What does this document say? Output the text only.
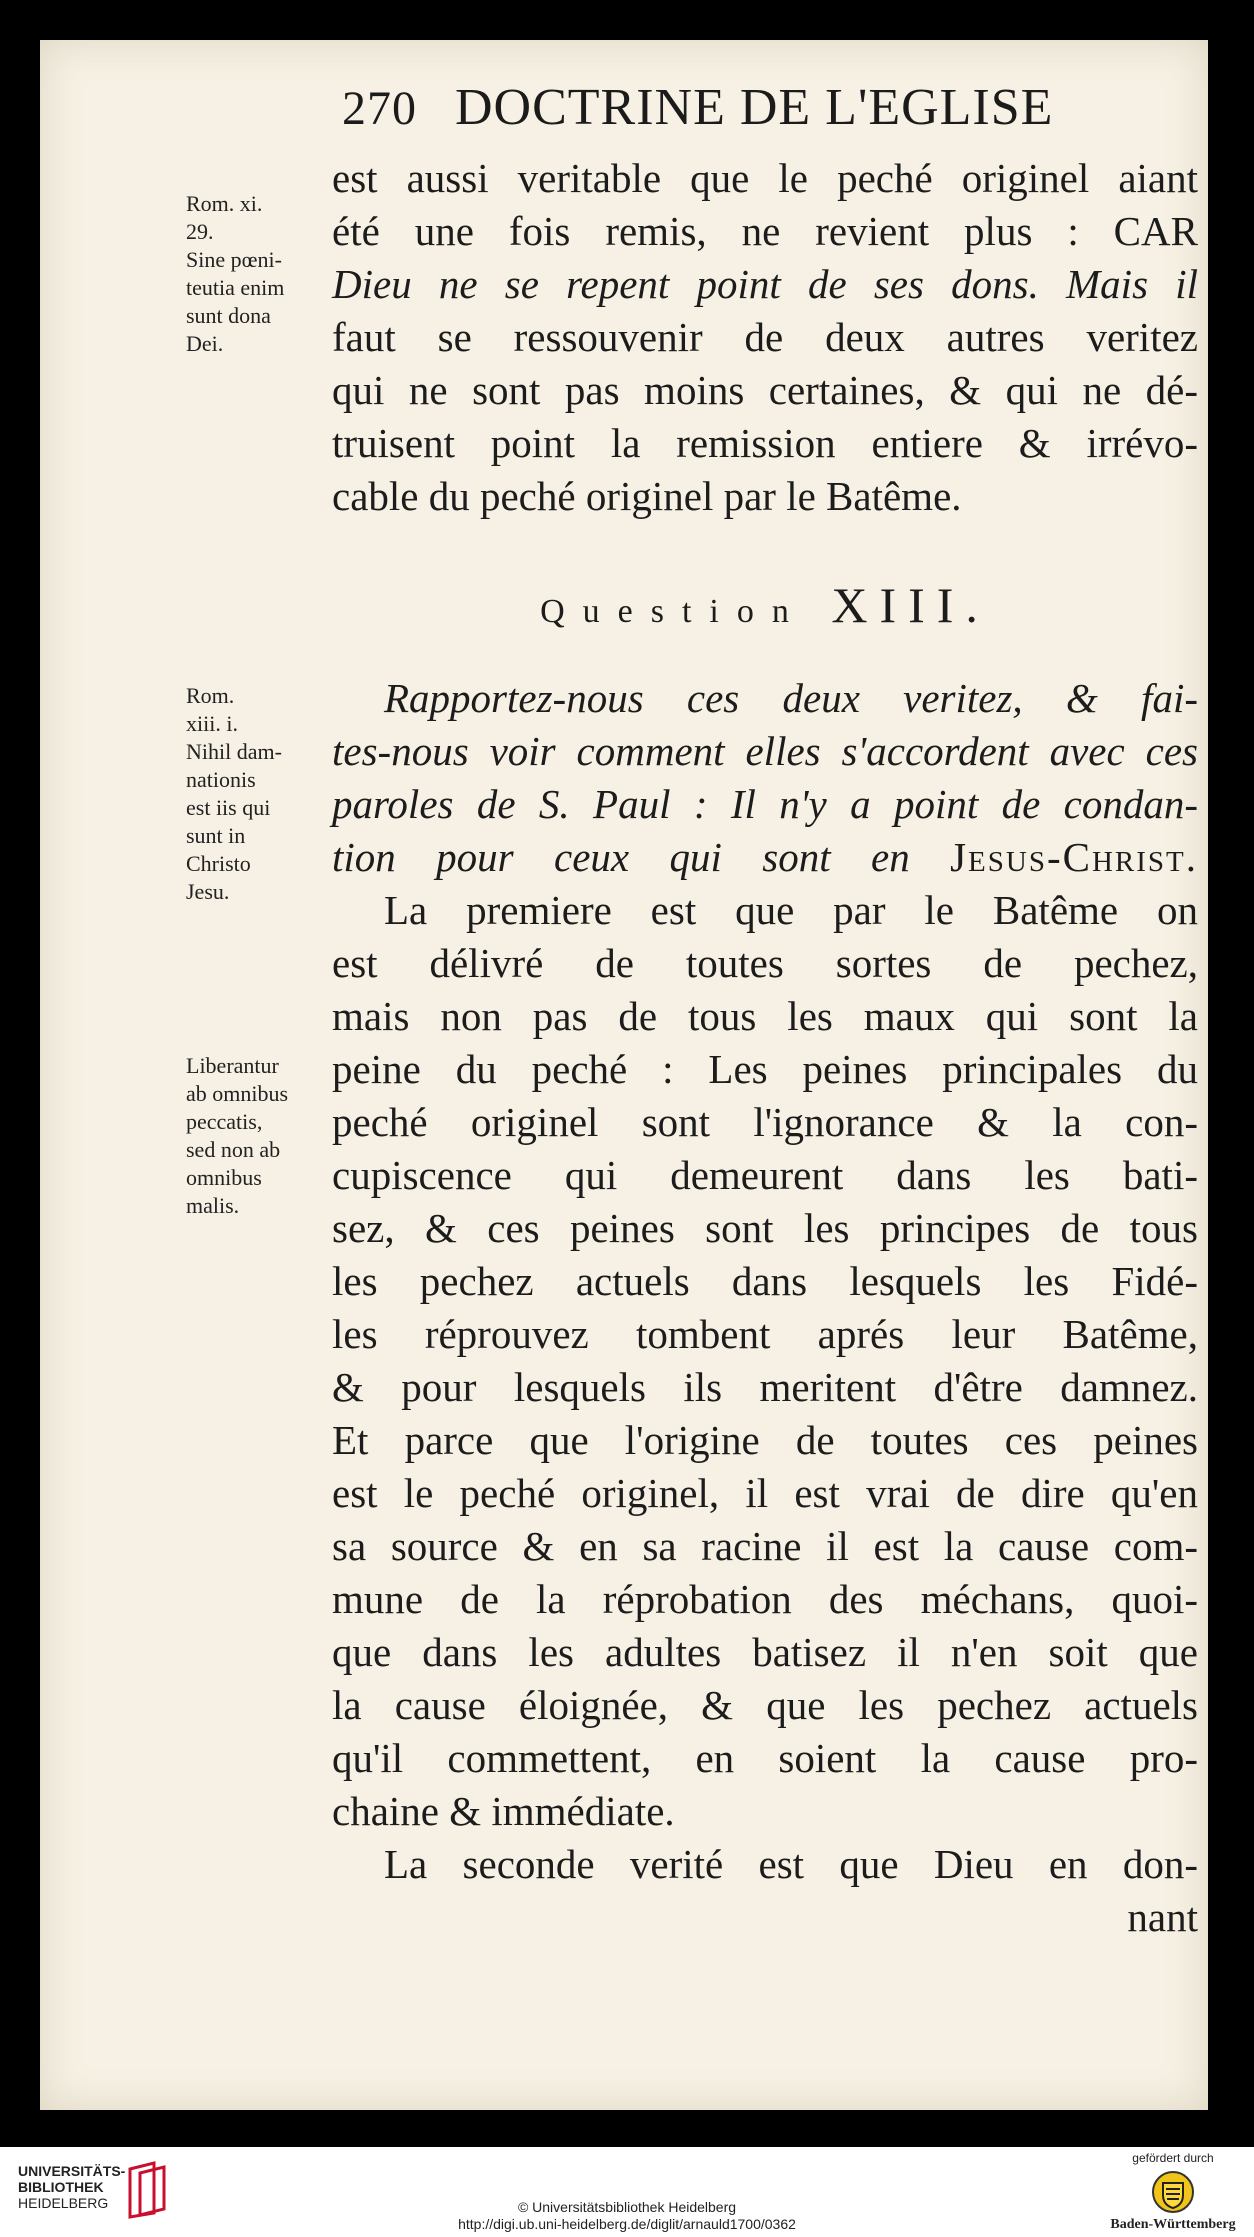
270 DOCTRINE DE L'EGLISE
est aussi veritable que le peché originel aiant
été une fois remis, ne revient plus : CAR
Dieu ne se repent point de ses dons. Mais il
faut se ressouvenir de deux autres veritez
qui ne sont pas moins certaines, & qui ne dé-
truisent point la remission entiere & irrévo-
cable du peché originel par le Batême.
Question XIII.
Rapportez-nous ces deux veritez, & fai-
tes-nous voir comment elles s'accordent avec ces
paroles de S. Paul : Il n'y a point de condan-
tion pour ceux qui sont en Jesus-Christ.
La premiere est que par le Batême on
est délivré de toutes sortes de pechez,
mais non pas de tous les maux qui sont la
peine du peché : Les peines principales du
peché originel sont l'ignorance & la con-
cupiscence qui demeurent dans les bati-
sez, & ces peines sont les principes de tous
les pechez actuels dans lesquels les Fidé-
les réprouvez tombent aprés leur Batême,
& pour lesquels ils meritent d'être damnez.
Et parce que l'origine de toutes ces peines
est le peché originel, il est vrai de dire qu'en
sa source & en sa racine il est la cause com-
mune de la réprobation des méchans, quoi-
que dans les adultes batisez il n'en soit que
la cause éloignée, & que les pechez actuels
qu'il commettent, en soient la cause pro-
chaine & immédiate.
La seconde verité est que Dieu en don-
nant
Rom. xi.
29.
Sine pœni-
teutia enim
sunt dona
Dei.
Rom.
xiii. i.
Nihil dam-
nationis
est iis qui
sunt in
Christo
Jesu.
Liberantur
ab omnibus
peccatis,
sed non ab
omnibus
malis.
UNIVERSITÄTS-
BIBLIOTHEK
HEIDELBERG	© Universitätsbibliothek Heidelberg
http://digi.ub.uni-heidelberg.de/diglit/arnauld1700/0362
gefördert durch
Baden-Württemberg
